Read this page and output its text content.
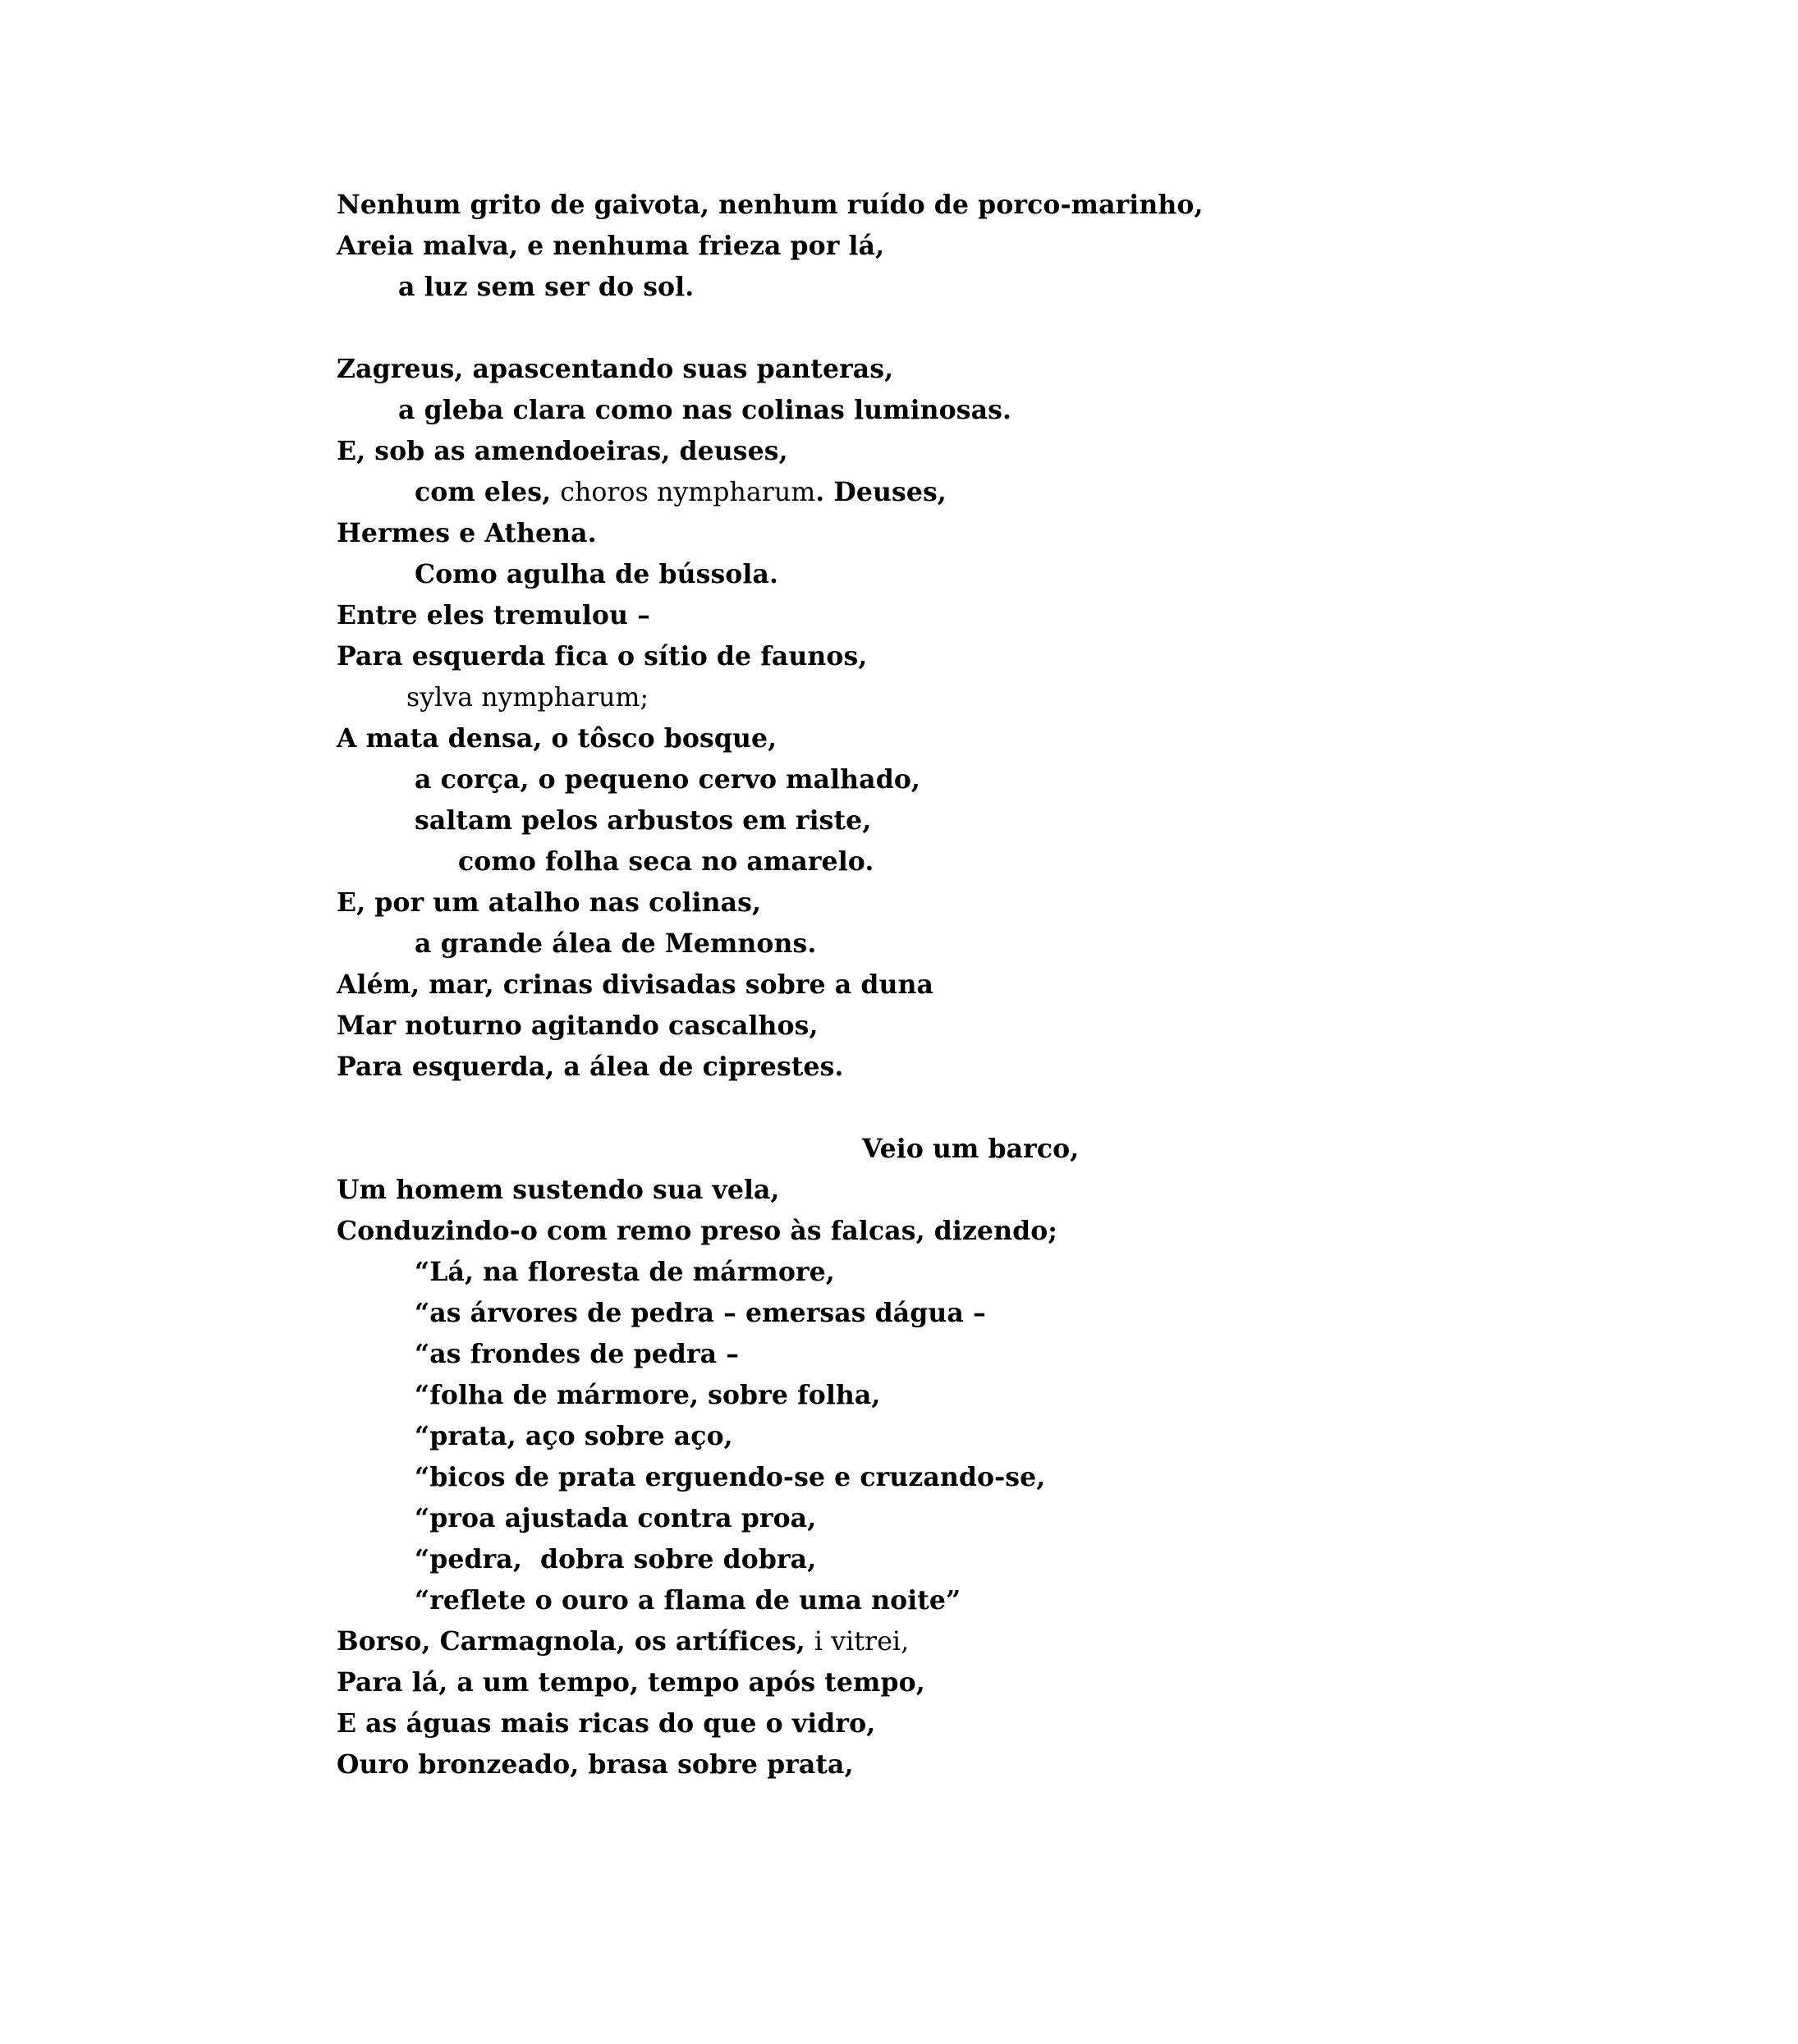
Nenhum grito de gaivota, nenhum ruído de porco-marinho,
Areia malva, e nenhuma frieza por lá,
a luz sem ser do sol.
Zagreus, apascentando suas panteras,
a gleba clara como nas colinas luminosas.
E, sob as amendoeiras, deuses,
com eles, choros nympharum. Deuses,
Hermes e Athena.
Como agulha de bússola.
Entre eles tremulou –
Para esquerda fica o sítio de faunos,
sylva nympharum;
A mata densa, o tôsco bosque,
a corça, o pequeno cervo malhado,
saltam pelos arbustos em riste,
como folha seca no amarelo.
E, por um atalho nas colinas,
a grande álea de Memnons.
Além, mar, crinas divisadas sobre a duna
Mar noturno agitando cascalhos,
Para esquerda, a álea de ciprestes.
Veio um barco,
Um homem sustendo sua vela,
Conduzindo-o com remo preso às falcas, dizendo;
“Lá, na floresta de mármore,
“as árvores de pedra – emersas dágua –
“as frondes de pedra –
“folha de mármore, sobre folha,
“prata, aço sobre aço,
“bicos de prata erguendo-se e cruzando-se,
“proa ajustada contra proa,
“pedra,  dobra sobre dobra,
“reflete o ouro a flama de uma noite”
Borso, Carmagnola, os artífices, i vitrei,
Para lá, a um tempo, tempo após tempo,
E as águas mais ricas do que o vidro,
Ouro bronzeado, brasa sobre prata,
